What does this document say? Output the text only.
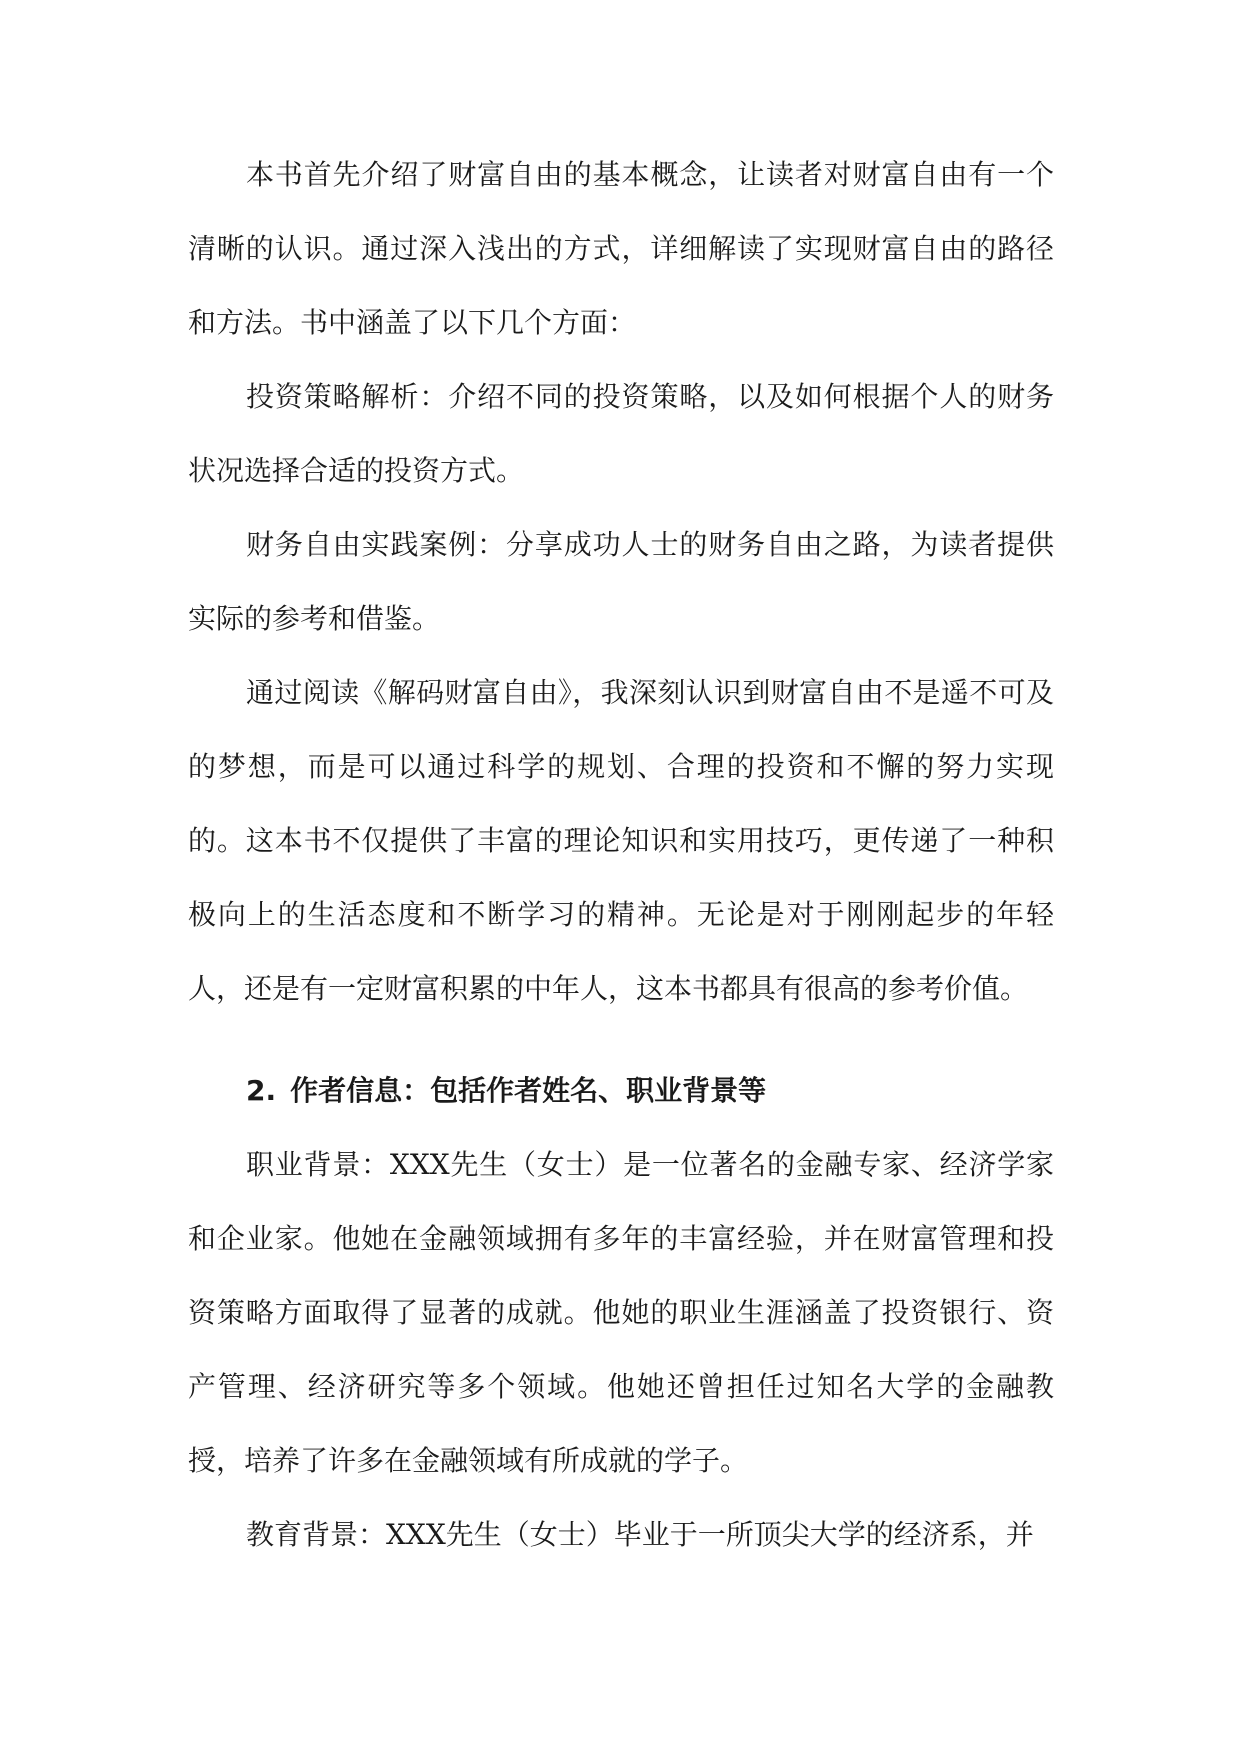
本书首先介绍了财富自由的基本概念，让读者对财富自由有一个清晰的认识。通过深入浅出的方式，详细解读了实现财富自由的路径和方法。书中涵盖了以下几个方面：

投资策略解析：介绍不同的投资策略，以及如何根据个人的财务状况选择合适的投资方式。

财务自由实践案例：分享成功人士的财务自由之路，为读者提供实际的参考和借鉴。

通过阅读《解码财富自由》，我深刻认识到财富自由不是遥不可及的梦想，而是可以通过科学的规划、合理的投资和不懈的努力实现的。这本书不仅提供了丰富的理论知识和实用技巧，更传递了一种积极向上的生活态度和不断学习的精神。无论是对于刚刚起步的年轻人，还是有一定财富积累的中年人，这本书都具有很高的参考价值。

2. 作者信息：包括作者姓名、职业背景等

职业背景：XXX先生（女士）是一位著名的金融专家、经济学家和企业家。他她在金融领域拥有多年的丰富经验，并在财富管理和投资策略方面取得了显著的成就。他她的职业生涯涵盖了投资银行、资产管理、经济研究等多个领域。他她还曾担任过知名大学的金融教授，培养了许多在金融领域有所成就的学子。

教育背景：XXX先生（女士）毕业于一所顶尖大学的经济系，并
